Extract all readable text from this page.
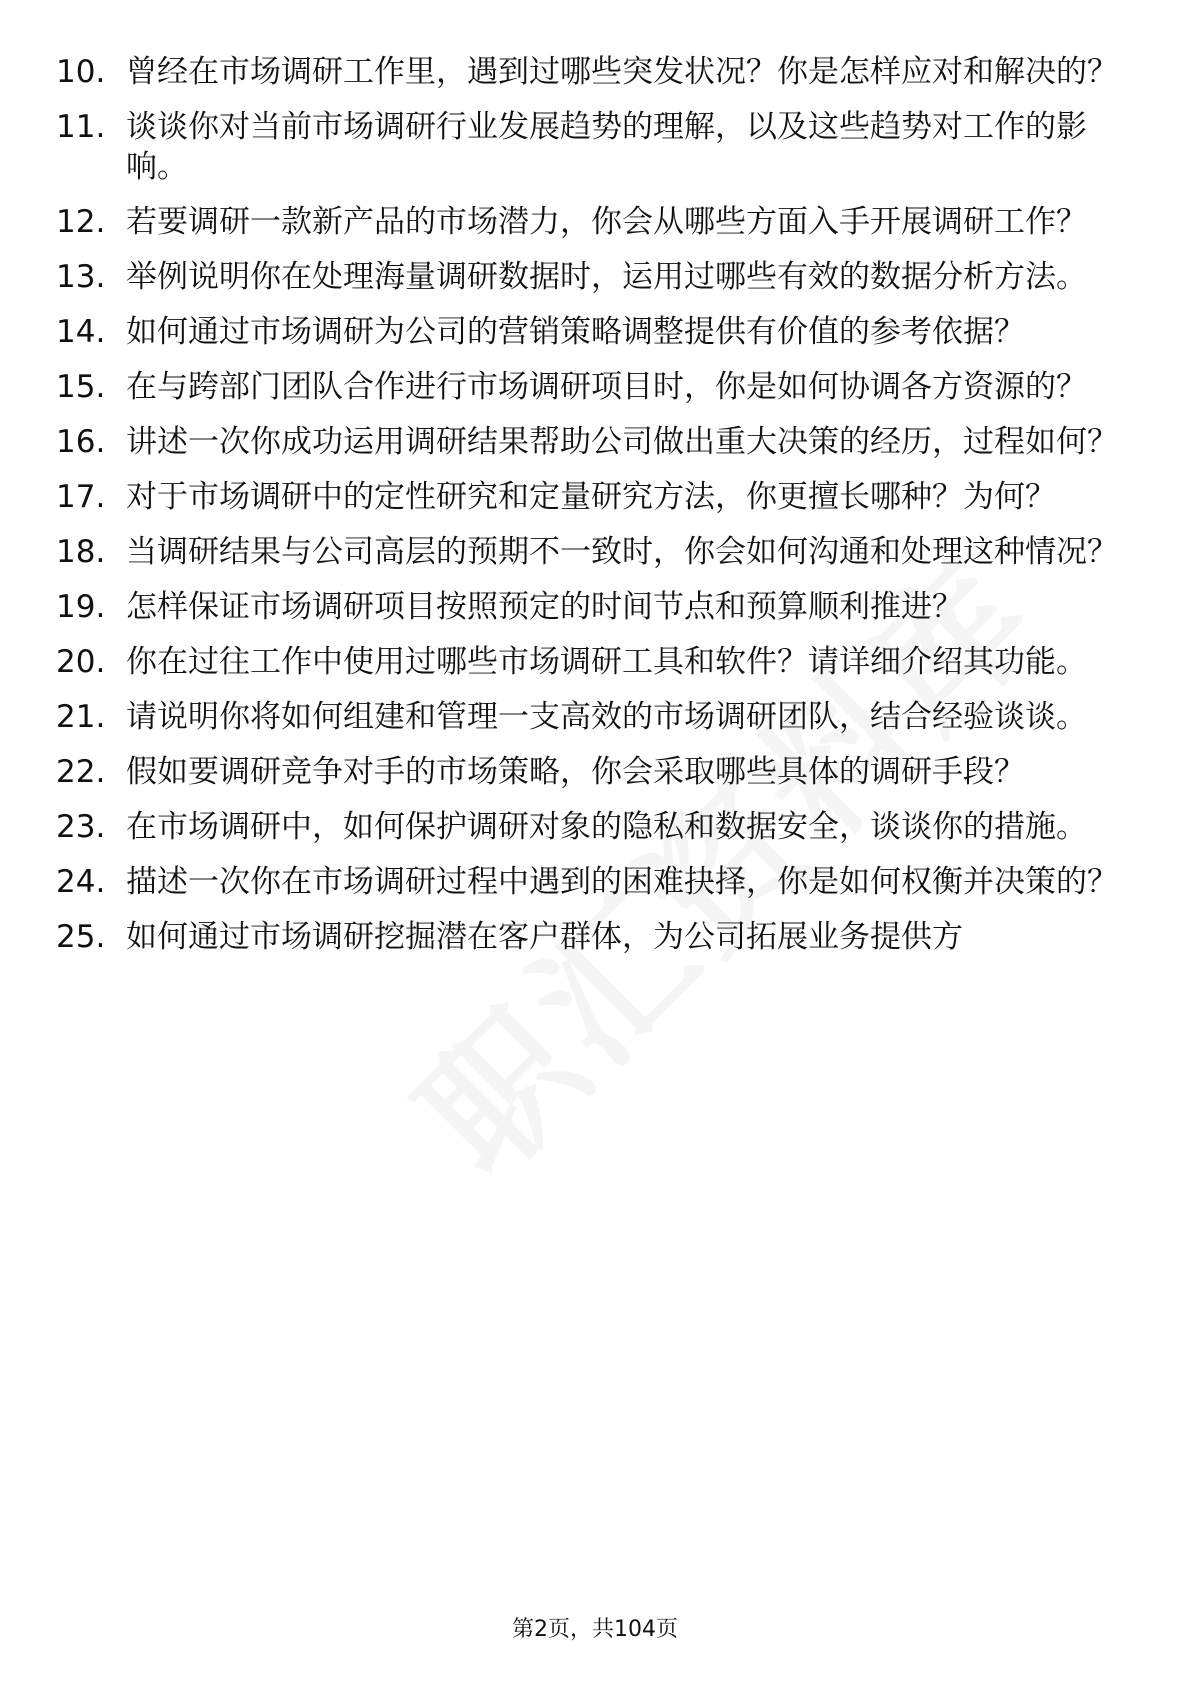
10. 曾经在市场调研工作里，遇到过哪些突发状况？你是怎样应对和解决的？
11. 谈谈你对当前市场调研行业发展趋势的理解，以及这些趋势对工作的影响。
12. 若要调研一款新产品的市场潜力，你会从哪些方面入手开展调研工作？
13. 举例说明你在处理海量调研数据时，运用过哪些有效的数据分析方法。
14. 如何通过市场调研为公司的营销策略调整提供有价值的参考依据？
15. 在与跨部门团队合作进行市场调研项目时，你是如何协调各方资源的？
16. 讲述一次你成功运用调研结果帮助公司做出重大决策的经历，过程如何？
17. 对于市场调研中的定性研究和定量研究方法，你更擅长哪种？为何？
18. 当调研结果与公司高层的预期不一致时，你会如何沟通和处理这种情况？
19. 怎样保证市场调研项目按照预定的时间节点和预算顺利推进？
20. 你在过往工作中使用过哪些市场调研工具和软件？请详细介绍其功能。
21. 请说明你将如何组建和管理一支高效的市场调研团队，结合经验谈谈。
22. 假如要调研竞争对手的市场策略，你会采取哪些具体的调研手段？
23. 在市场调研中，如何保护调研对象的隐私和数据安全，谈谈你的措施。
24. 描述一次你在市场调研过程中遇到的困难抉择，你是如何权衡并决策的？
25. 如何通过市场调研挖掘潜在客户群体，为公司拓展业务提供方
第2页，共104页
